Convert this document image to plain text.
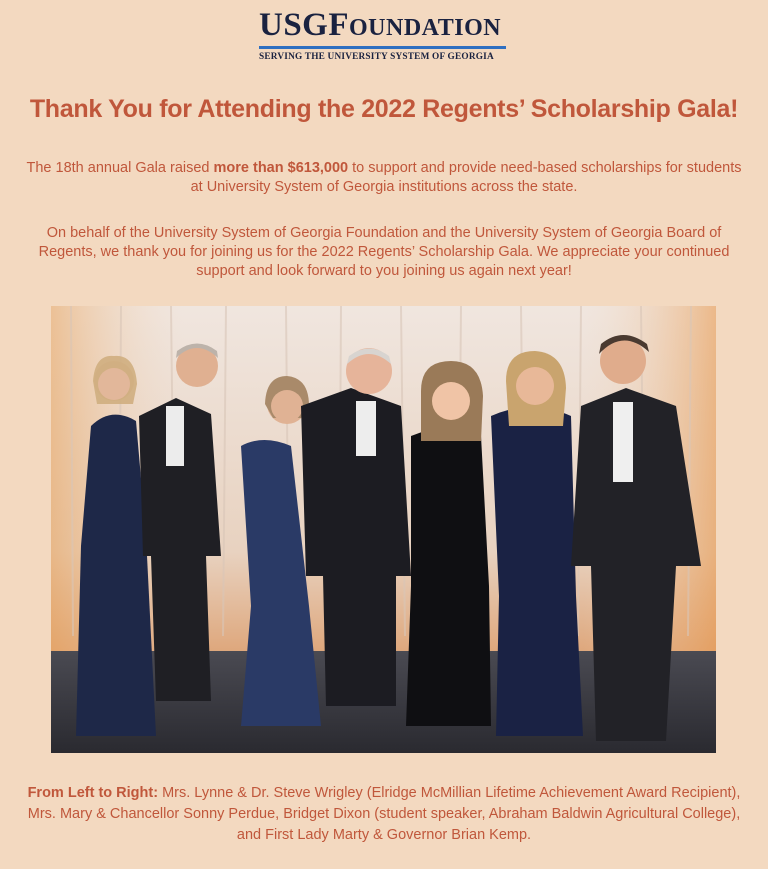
USGFOUNDATION
SERVING THE UNIVERSITY SYSTEM OF GEORGIA
Thank You for Attending the 2022 Regents’ Scholarship Gala!

The 18th annual Gala raised more than $613,000 to support and provide need-based scholarships for students at University System of Georgia institutions across the state.

On behalf of the University System of Georgia Foundation and the University System of Georgia Board of Regents, we thank you for joining us for the 2022 Regents’ Scholarship Gala. We appreciate your continued support and look forward to you joining us again next year!

From Left to Right: Mrs. Lynne & Dr. Steve Wrigley (Elridge McMillian Lifetime Achievement Award Recipient), Mrs. Mary & Chancellor Sonny Perdue, Bridget Dixon (student speaker, Abraham Baldwin Agricultural College), and First Lady Marty & Governor Brian Kemp.
